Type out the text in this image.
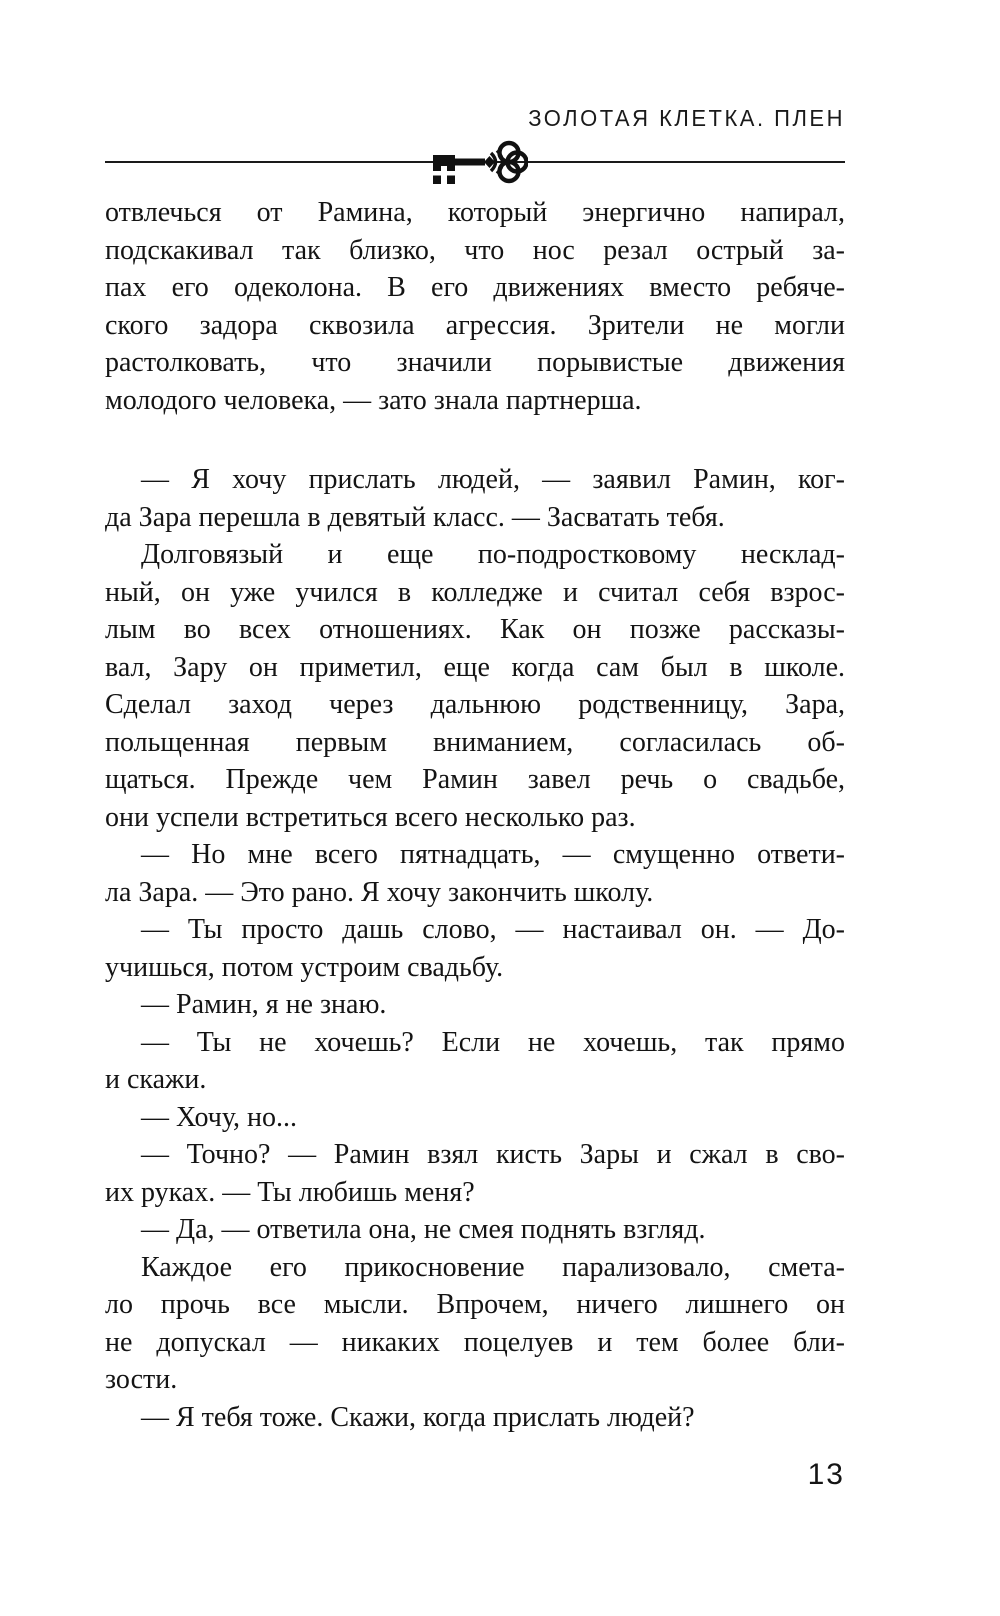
ЗОЛОТАЯ КЛЕТКА. ПЛЕН
отвлечься от Рамина, который энергично напирал,
подскакивал так близко, что нос резал острый за-
пах его одеколона. В его движениях вместо ребяче-
ского задора сквозила агрессия. Зрители не могли
растолковать, что значили порывистые движения
молодого человека, — зато знала партнерша.
— Я хочу прислать людей, — заявил Рамин, ког-
да Зара перешла в девятый класс. — Засватать тебя.
Долговязый и еще по-подростковому несклад-
ный, он уже учился в колледже и считал себя взрос-
лым во всех отношениях. Как он позже рассказы-
вал, Зару он приметил, еще когда сам был в школе.
Сделал заход через дальнюю родственницу, Зара,
польщенная первым вниманием, согласилась об-
щаться. Прежде чем Рамин завел речь о свадьбе,
они успели встретиться всего несколько раз.
— Но мне всего пятнадцать, — смущенно ответи-
ла Зара. — Это рано. Я хочу закончить школу.
— Ты просто дашь слово, — настаивал он. — До-
учишься, потом устроим свадьбу.
— Рамин, я не знаю.
— Ты не хочешь? Если не хочешь, так прямо
и скажи.
— Хочу, но...
— Точно? — Рамин взял кисть Зары и сжал в сво-
их руках. — Ты любишь меня?
— Да, — ответила она, не смея поднять взгляд.
Каждое его прикосновение парализовало, смета-
ло прочь все мысли. Впрочем, ничего лишнего он
не допускал — никаких поцелуев и тем более бли-
зости.
— Я тебя тоже. Скажи, когда прислать людей?
13
